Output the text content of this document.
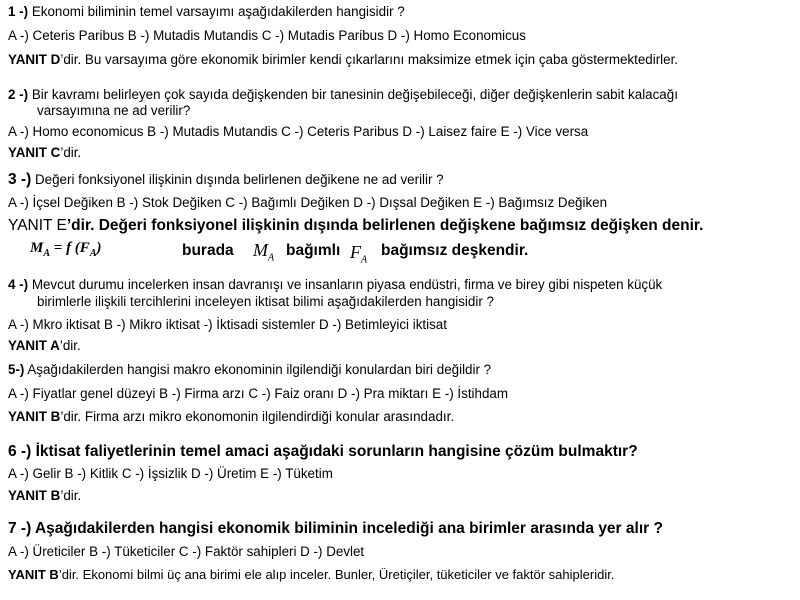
1 -) Ekonomi biliminin temel varsayımı aşağıdakilerden hangisidir ?
A -) Ceteris Paribus B -) Mutadis Mutandis C -) Mutadis Paribus D -) Homo Economicus
YANIT D’dir. Bu varsayıma göre ekonomik birimler kendi çıkarlarını maksimize etmek için çaba göstermektedirler.
2 -) Bir kavramı belirleyen çok sayıda değişkenden bir tanesinin değişebileceği, diğer değişkenlerin sabit kalacağı
varsayımına ne ad verilir?
A -) Homo economicus B -) Mutadis Mutandis C -) Ceteris Paribus D -) Laisez faire E -) Vice versa
YANIT C’dir.
3 -) Değeri fonksiyonel ilişkinin dışında belirlenen değikene ne ad verilir ?
A -) İçsel Değiken B -) Stok Değiken C -) Bağımlı Değiken D -) Dışsal Değiken E -) Bağımsız Değiken
YANIT E’dir. Değeri fonksiyonel ilişkinin dışında belirlenen değişkene bağımsız değişken denir.
$M_A = f$ $(F_A)$	burada $M_A$ bağımlı $F_A$
bağımsız deşkendir.
4 -) Mevcut durumu incelerken insan davranışı ve insanların piyasa endüstri, firma ve birey gibi nispeten küçük
birimlerle ilişkili tercihlerini inceleyen iktisat bilimi aşağıdakilerden hangisidir ?
A -) Mkro iktisat B -) Mikro iktisat -) İktisadi sistemler D -) Betimleyici iktisat
YANIT A’dir.
5-) Aşağıdakilerden hangisi makro ekonominin ilgilendiği konulardan biri değildir ?
A -) Fiyatlar genel düzeyi B -) Firma arzı C -) Faiz oranı D -) Pra miktarı E -) İstihdam
YANIT B’dir. Firma arzı mikro ekonomonin ilgilendirdiği konular arasındadır.
6 -) İktisat faliyetlerinin temel amaci aşağıdaki sorunların hangisine çözüm bulmaktır?
A -) Gelir B -) Kitlik C -) İşsizlik D -) Üretim E -) Tüketim
YANIT B’dir.
7 -) Aşağıdakilerden hangisi ekonomik biliminin incelediği ana birimler arasında yer alır ?
A -) Üreticiler B -) Tüketiciler C -) Faktör sahipleri D -) Devlet
YANIT B’dir. Ekonomi bilmi üç ana birimi ele alıp inceler. Bunler, Üretiçiler, tüketiciler ve faktör sahipleridir.
